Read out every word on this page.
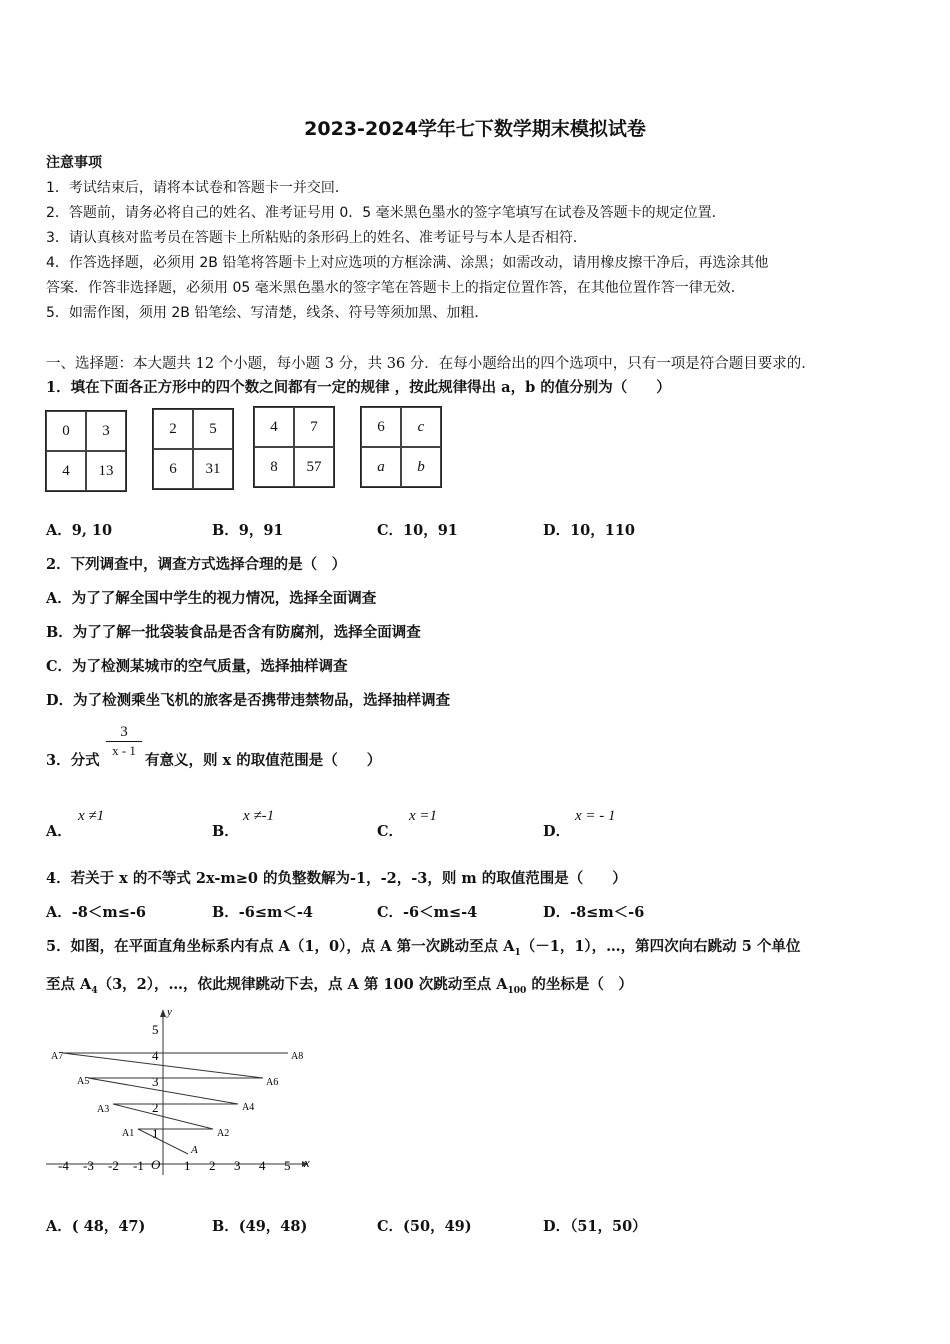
2023-2024学年七下数学期末模拟试卷
注意事项
1．考试结束后，请将本试卷和答题卡一并交回．
2．答题前，请务必将自己的姓名、准考证号用 0．5 毫米黑色墨水的签字笔填写在试卷及答题卡的规定位置．
3．请认真核对监考员在答题卡上所粘贴的条形码上的姓名、准考证号与本人是否相符．
4．作答选择题，必须用 2B 铅笔将答题卡上对应选项的方框涂满、涂黑；如需改动，请用橡皮擦干净后，再选涂其他
答案．作答非选择题，必须用 05 毫米黑色墨水的签字笔在答题卡上的指定位置作答，在其他位置作答一律无效．
5．如需作图，须用 2B 铅笔绘、写清楚，线条、符号等须加黑、加粗．
一、选择题：本大题共 12 个小题，每小题 3 分，共 36 分．在每小题给出的四个选项中，只有一项是符合题目要求的．
1．填在下面各正方形中的四个数之间都有一定的规律 ，按此规律得出 a，b 的值分别为（　　）
0	3
4	13
2	5
6	31
4	7
8	57
6	c
a	b
A．9, 10	B．9，91	C．10，91	D．10，110
2．下列调查中，调查方式选择合理的是（　）
A．为了了解全国中学生的视力情况，选择全面调查
B．为了了解一批袋装食品是否含有防腐剂，选择全面调查
C．为了检测某城市的空气质量，选择抽样调查
D．为了检测乘坐飞机的旅客是否携带违禁物品，选择抽样调查
3．分式
$\frac{3}{x - 1}$
有意义，则 x 的取值范围是（　　）
A．
x ≠1
B．
x ≠-1
C．
x =1
D．
x = - 1
4．若关于 x 的不等式 2x-m≥0 的负整数解为-1，-2，-3，则 m 的取值范围是（　　）
A．-8＜m≤-6	B．-6≤m＜-4	C．-6＜m≤-4	D．-8≤m＜-6
5．如图，在平面直角坐标系内有点 A（1，0），点 A 第一次跳动至点 $A_1(-1$，1），…，第四次向右跳动 5 个单位
至点 $A_4(3$，2），…，依此规律跳动下去，点 A 第 100 次跳动至点 $A_{100}$ 的坐标是（　）
-4 -3 -2 -1	1 2 3 4 5 x
O
1
2
3
4
5
y
A
A1	A2
A3	A4
A5	A6
A7	A8
A．( 48，47)	B．(49，48)	C．(50，49)	D．（51，50）
